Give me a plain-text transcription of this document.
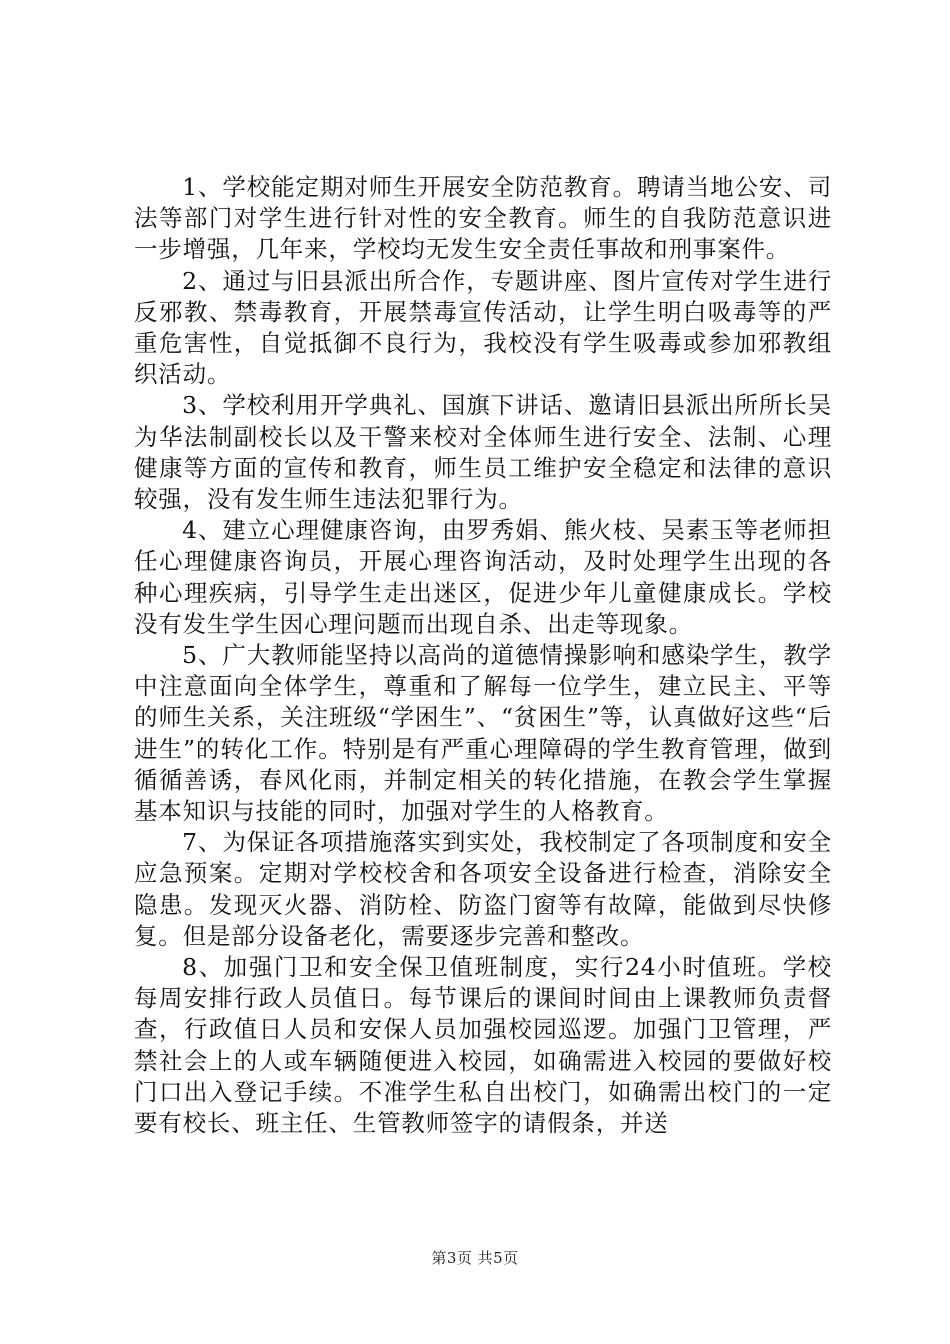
1、学校能定期对师生开展安全防范教育。聘请当地公安、司法等部门对学生进行针对性的安全教育。师生的自我防范意识进一步增强，几年来，学校均无发生安全责任事故和刑事案件。

2、通过与旧县派出所合作，专题讲座、图片宣传对学生进行反邪教、禁毒教育，开展禁毒宣传活动，让学生明白吸毒等的严重危害性，自觉抵御不良行为，我校没有学生吸毒或参加邪教组织活动。

3、学校利用开学典礼、国旗下讲话、邀请旧县派出所所长吴为华法制副校长以及干警来校对全体师生进行安全、法制、心理健康等方面的宣传和教育，师生员工维护安全稳定和法律的意识较强，没有发生师生违法犯罪行为。

4、建立心理健康咨询，由罗秀娟、熊火枝、吴素玉等老师担任心理健康咨询员，开展心理咨询活动，及时处理学生出现的各种心理疾病，引导学生走出迷区，促进少年儿童健康成长。学校没有发生学生因心理问题而出现自杀、出走等现象。

5、广大教师能坚持以高尚的道德情操影响和感染学生，教学中注意面向全体学生，尊重和了解每一位学生，建立民主、平等的师生关系，关注班级“学困生”、“贫困生”等，认真做好这些“后进生”的转化工作。特别是有严重心理障碍的学生教育管理，做到循循善诱，春风化雨，并制定相关的转化措施，在教会学生掌握基本知识与技能的同时，加强对学生的人格教育。

7、为保证各项措施落实到实处，我校制定了各项制度和安全应急预案。定期对学校校舍和各项安全设备进行检查，消除安全隐患。发现灭火器、消防栓、防盗门窗等有故障，能做到尽快修复。但是部分设备老化，需要逐步完善和整改。

8、加强门卫和安全保卫值班制度，实行24小时值班。学校每周安排行政人员值日。每节课后的课间时间由上课教师负责督查，行政值日人员和安保人员加强校园巡逻。加强门卫管理，严禁社会上的人或车辆随便进入校园，如确需进入校园的要做好校门口出入登记手续。不准学生私自出校门，如确需出校门的一定要有校长、班主任、生管教师签字的请假条，并送

第3页 共5页
